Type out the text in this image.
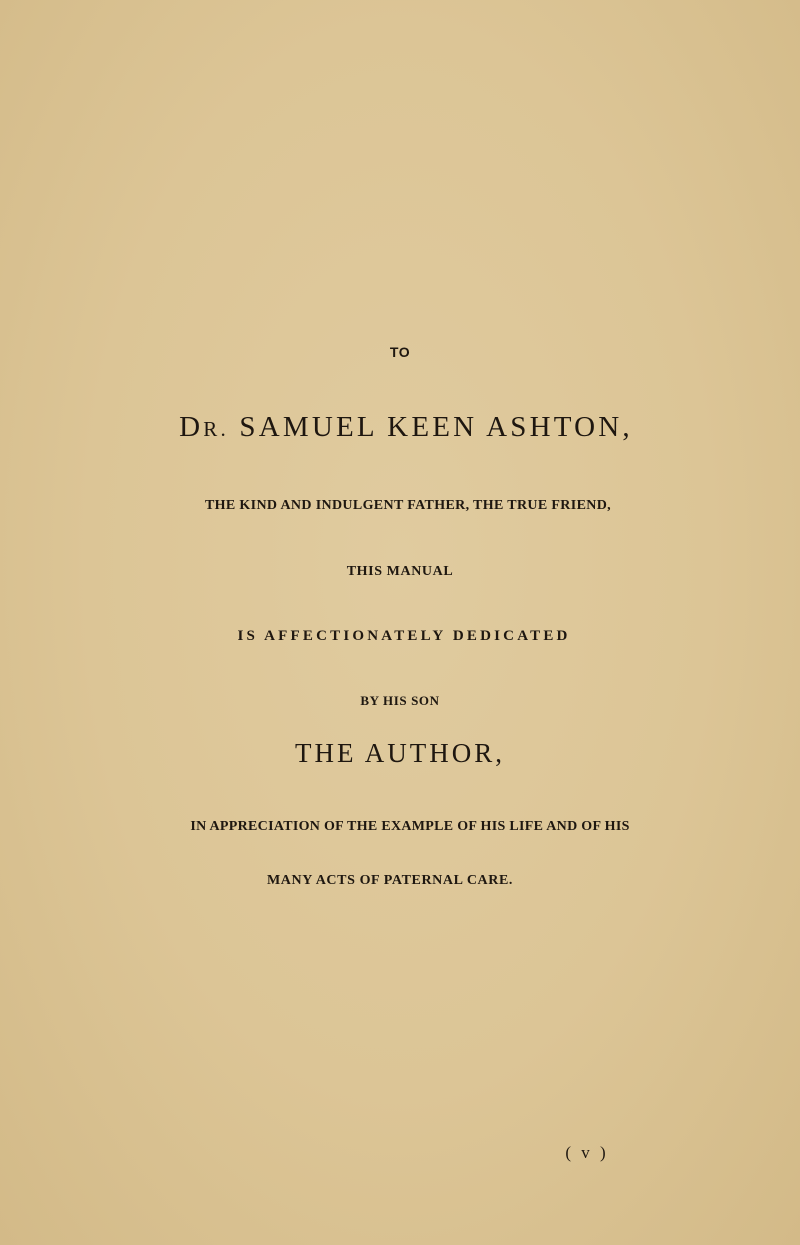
TO
DR. SAMUEL KEEN ASHTON,
THE KIND AND INDULGENT FATHER, THE TRUE FRIEND,
THIS MANUAL
IS AFFECTIONATELY DEDICATED
BY HIS SON
THE AUTHOR,
IN APPRECIATION OF THE EXAMPLE OF HIS LIFE AND OF HIS
MANY ACTS OF PATERNAL CARE.
( v )
